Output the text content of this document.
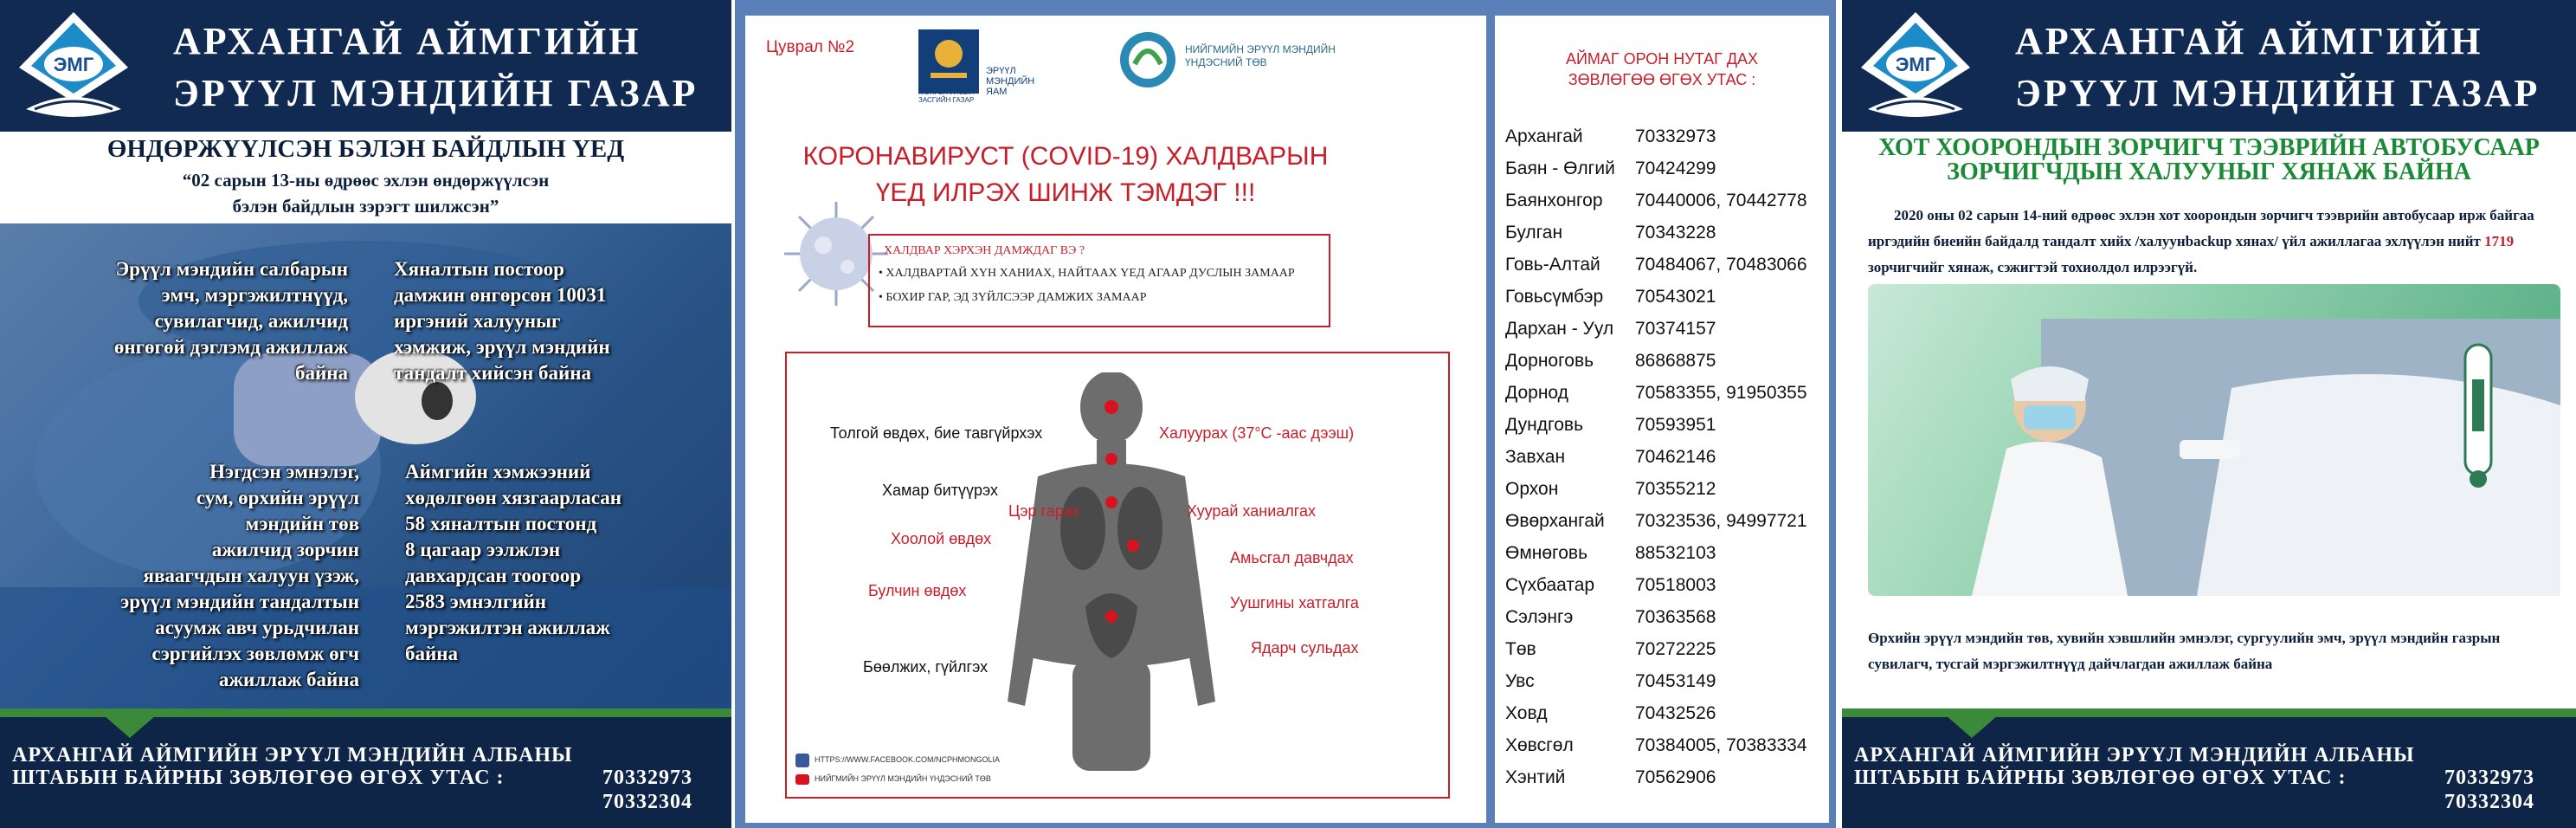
ЭМГ
АРХАНГАЙ АЙМГИЙН
ЭРҮҮЛ МЭНДИЙН ГАЗАР
ӨНДӨРЖҮҮЛСЭН БЭЛЭН БАЙДЛЫН ҮЕД
“02 сарын 13-ны өдрөөс эхлэн өндөржүүлсэн
бэлэн байдлын зэрэгт шилжсэн”
Эрүүл мэндийн салбарын
эмч, мэргэжилтнүүд,
сувилагчид, ажилчид
өнгөгөй дэглэмд ажиллаж
байна
Хяналтын постоор
дамжин өнгөрсөн 10031
иргэний халууныг
хэмжиж, эрүүл мэндийн
тандалт хийсэн байна
Нэгдсэн эмнэлэг,
сум, өрхийн эрүүл
мэндийн төв
ажилчид зорчин
яваагчдын халуун үзэж,
эрүүл мэндийн тандалтын
асуумж авч урьдчилан
сэргийлэх зөвлөмж өгч
ажиллаж байна
Аймгийн хэмжээний
хөдөлгөөн хязгаарласан
58 хяналтын постонд
8 цагаар ээлжлэн
давхардсан тоогоор
2583 эмнэлгийн
мэргэжилтэн ажиллаж
байна
АРХАНГАЙ АЙМГИЙН ЭРҮҮЛ МЭНДИЙН АЛБАНЫ
ШТАБЫН БАЙРНЫ ЗӨВЛӨГӨӨ ӨГӨХ УТАС :	70332973
70332304
Цуврал №2
МОНГОЛ УЛСЫН ЗАСГИЙН ГАЗАР
ЭРҮҮЛ МЭНДИЙН ЯАМ
НИЙГМИЙН ЭРҮҮЛ МЭНДИЙН ҮНДЭСНИЙ ТӨВ
КОРОНАВИРУСТ (COVID-19) ХАЛДВАРЫН
ҮЕД ИЛРЭХ ШИНЖ ТЭМДЭГ !!!
ХАЛДВАР ХЭРХЭН ДАМЖДАГ ВЭ ?
• ХАЛДВАРТАЙ ХҮН ХАНИАХ, НАЙТААХ ҮЕД АГААР ДУСЛЫН ЗАМААР
• БОХИР ГАР, ЭД ЗҮЙЛСЭЭР ДАМЖИХ ЗАМААР
Толгой өвдөх, бие тавгүйрхэх	Халуурах (37°С -аас дээш)
Хамар битүүрэх
Цэр гарах	Хуурай ханиалгах
Хоолой өвдөх
Амьсгал давчдах
Булчин өвдөх
Уушгины хатгалга
Ядарч сульдах
Бөөлжих, гүйлгэх
HTTPS://WWW.FACEBOOK.COM/NCPHMONGOLIA
НИЙГМИЙН ЭРҮҮЛ МЭНДИЙН ҮНДЭСНИЙ ТӨВ
АЙМАГ ОРОН НУТАГ ДАХ
ЗӨВЛӨГӨӨ ӨГӨХ УТАС :
Архангай	70332973
Баян - Өлгий 70424299
Баянхонгор 70440006, 70442778
Булган	70343228
Говь-Алтай 70484067, 70483066
Говьсүмбэр 70543021
Дархан - Уул 70374157
Дорноговь 86868875
Дорнод	70583355, 91950355
Дундговь	70593951
Завхан	70462146
Орхон	70355212
Өвөрхангай 70323536, 94997721
Өмнөговь	88532103
Сүхбаатар 70518003
Сэлэнгэ	70363568
Төв	70272225
Увс	70453149
Ховд	70432526
Хөвсгөл	70384005, 70383334
Хэнтий	70562906
ЭМГ
АРХАНГАЙ АЙМГИЙН
ЭРҮҮЛ МЭНДИЙН ГАЗАР
ХОТ ХООРОНДЫН ЗОРЧИГЧ ТЭЭВРИЙН АВТОБУСААР
ЗОРЧИГЧДЫН ХАЛУУНЫГ ХЯНАЖ БАЙНА
2020 оны 02 сарын 14-ний өдрөөс эхлэн хот хоорондын зорчигч тээврийн автобусаар ирж байгаа иргэдийн биеийн байдалд тандалт хийх /халуунbackup хянах/ үйл ажиллагаа эхлүүлэн нийт 1719 зорчигчийг хянаж, сэжигтэй тохиолдол илрээгүй.
Өрхийн эрүүл мэндийн төв, хувийн хэвшлийн эмнэлэг, сургуулийн эмч, эрүүл мэндийн газрын сувилагч, тусгай мэргэжилтнүүд дайчлагдан ажиллаж байна
АРХАНГАЙ АЙМГИЙН ЭРҮҮЛ МЭНДИЙН АЛБАНЫ
ШТАБЫН БАЙРНЫ ЗӨВЛӨГӨӨ ӨГӨХ УТАС :	70332973
70332304
